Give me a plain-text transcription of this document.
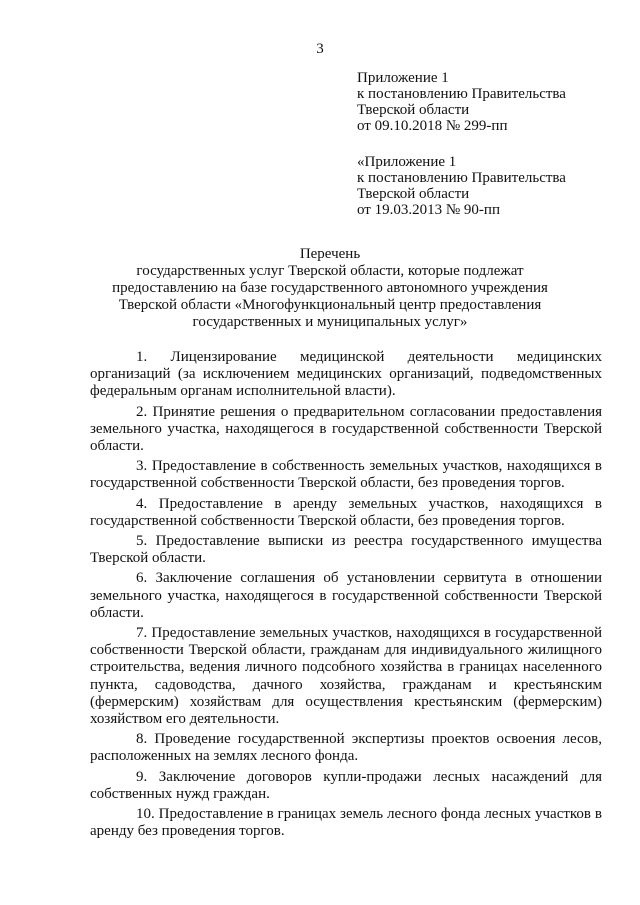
3
Приложение 1
к постановлению Правительства
Тверской области
от 09.10.2018 № 299-пп
«Приложение 1
к постановлению Правительства
Тверской области
от 19.03.2013 № 90-пп
Перечень
государственных услуг Тверской области, которые подлежат
предоставлению на базе государственного автономного учреждения
Тверской области «Многофункциональный центр предоставления
государственных и муниципальных услуг»

1. Лицензирование медицинской деятельности медицинских организаций (за исключением медицинских организаций, подведомственных федеральным органам исполнительной власти).

2. Принятие решения о предварительном согласовании предоставления земельного участка, находящегося в государственной собственности Тверской области.

3. Предоставление в собственность земельных участков, находящихся в государственной собственности Тверской области, без проведения торгов.

4. Предоставление в аренду земельных участков, находящихся в государственной собственности Тверской области, без проведения торгов.

5. Предоставление выписки из реестра государственного имущества Тверской области.

6. Заключение соглашения об установлении сервитута в отношении земельного участка, находящегося в государственной собственности Тверской области.

7. Предоставление земельных участков, находящихся в государственной собственности Тверской области, гражданам для индивидуального жилищного строительства, ведения личного подсобного хозяйства в границах населенного пункта, садоводства, дачного хозяйства, гражданам и крестьянским (фермерским) хозяйствам для осуществления крестьянским (фермерским) хозяйством его деятельности.

8. Проведение государственной экспертизы проектов освоения лесов, расположенных на землях лесного фонда.

9. Заключение договоров купли-продажи лесных насаждений для собственных нужд граждан.

10. Предоставление в границах земель лесного фонда лесных участков в аренду без проведения торгов.
